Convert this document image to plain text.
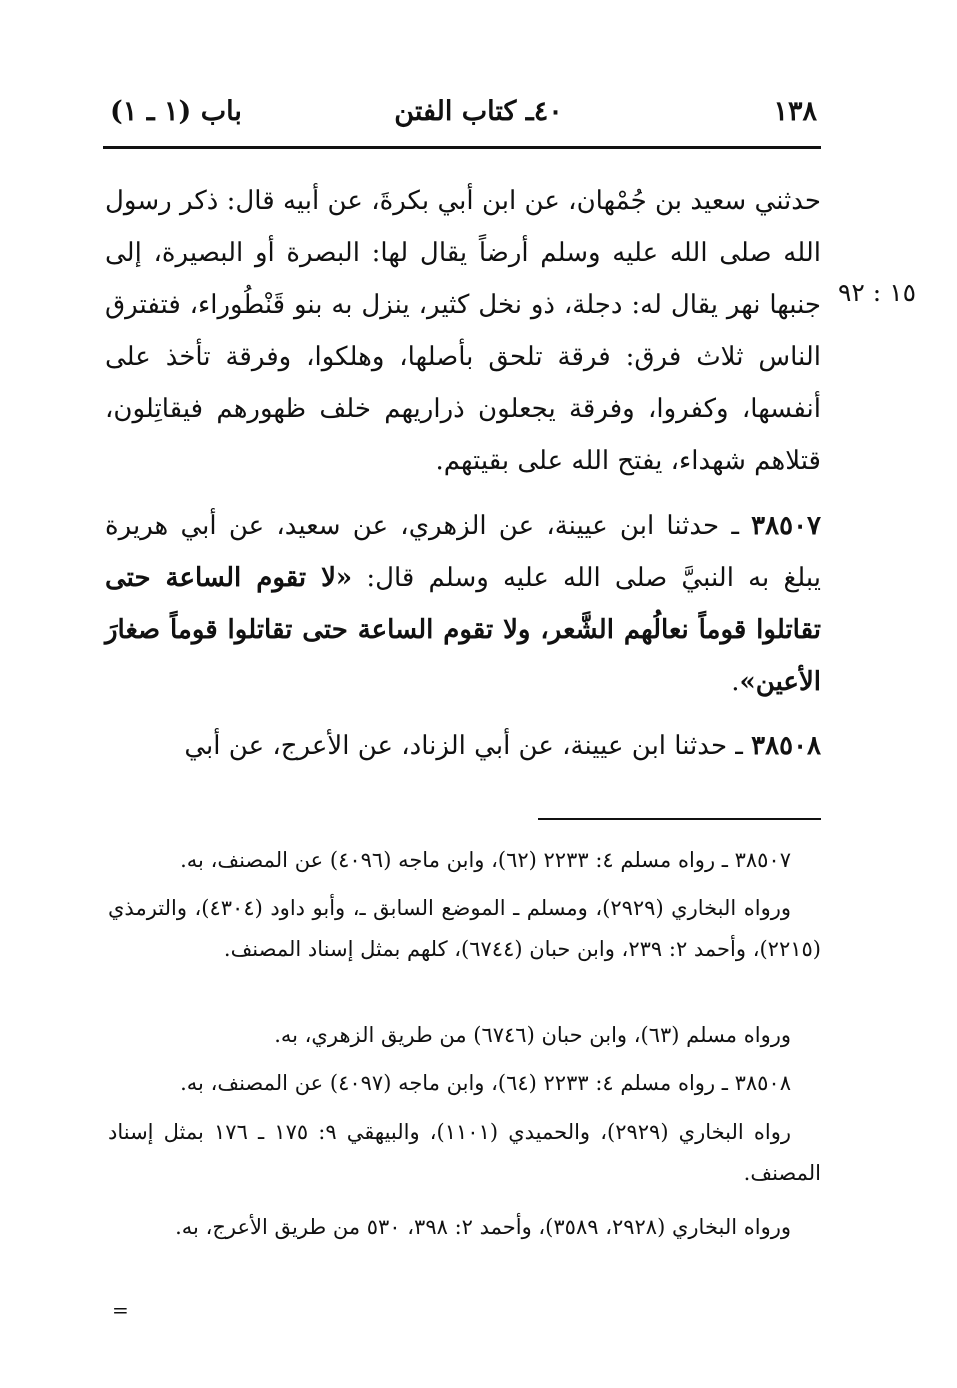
١٣٨
٤٠ـ كتاب الفتن
باب (١ ـ ١)
١٥ : ٩٢
حدثني سعيد بن جُمْهان، عن ابن أبي بكرةَ، عن أبيه قال: ذكر رسول الله صلى الله عليه وسلم أرضاً يقال لها: البصرة أو البصيرة، إلى جنبها نهر يقال له: دجلة، ذو نخل كثير، ينزل به بنو قَنْطُوراء، فتفترق الناس ثلاث فرق: فرقة تلحق بأصلها، وهلكوا، وفرقة تأخذ على أنفسها، وكفروا، وفرقة يجعلون ذراريهم خلف ظهورهم فيقاتِلون، قتلاهم شهداء، يفتح الله على بقيتهم.
٣٨٥٠٧ ـ حدثنا ابن عيينة، عن الزهري، عن سعيد، عن أبي هريرة يبلغ به النبيَّ صلى الله عليه وسلم قال: «لا تقوم الساعة حتى تقاتلوا قوماً نعالُهم الشَّعر، ولا تقوم الساعة حتى تقاتلوا قوماً صغارَ الأعين».
٣٨٥٠٨ ـ حدثنا ابن عيينة، عن أبي الزناد، عن الأعرج، عن أبي
٣٨٥٠٧ ـ رواه مسلم ٤: ٢٢٣٣ (٦٢)، وابن ماجه (٤٠٩٦) عن المصنف، به.
ورواه البخاري (٢٩٢٩)، ومسلم ـ الموضع السابق ـ، وأبو داود (٤٣٠٤)، والترمذي (٢٢١٥)، وأحمد ٢: ٢٣٩، وابن حبان (٦٧٤٤)، كلهم بمثل إسناد المصنف.
ورواه مسلم (٦٣)، وابن حبان (٦٧٤٦) من طريق الزهري، به.
٣٨٥٠٨ ـ رواه مسلم ٤: ٢٢٣٣ (٦٤)، وابن ماجه (٤٠٩٧) عن المصنف، به.
رواه البخاري (٢٩٢٩)، والحميدي (١١٠١)، والبيهقي ٩: ١٧٥ ـ ١٧٦ بمثل إسناد المصنف.
ورواه البخاري (٢٩٢٨، ٣٥٨٩)، وأحمد ٢: ٣٩٨، ٥٣٠ من طريق الأعرج، به.
=
